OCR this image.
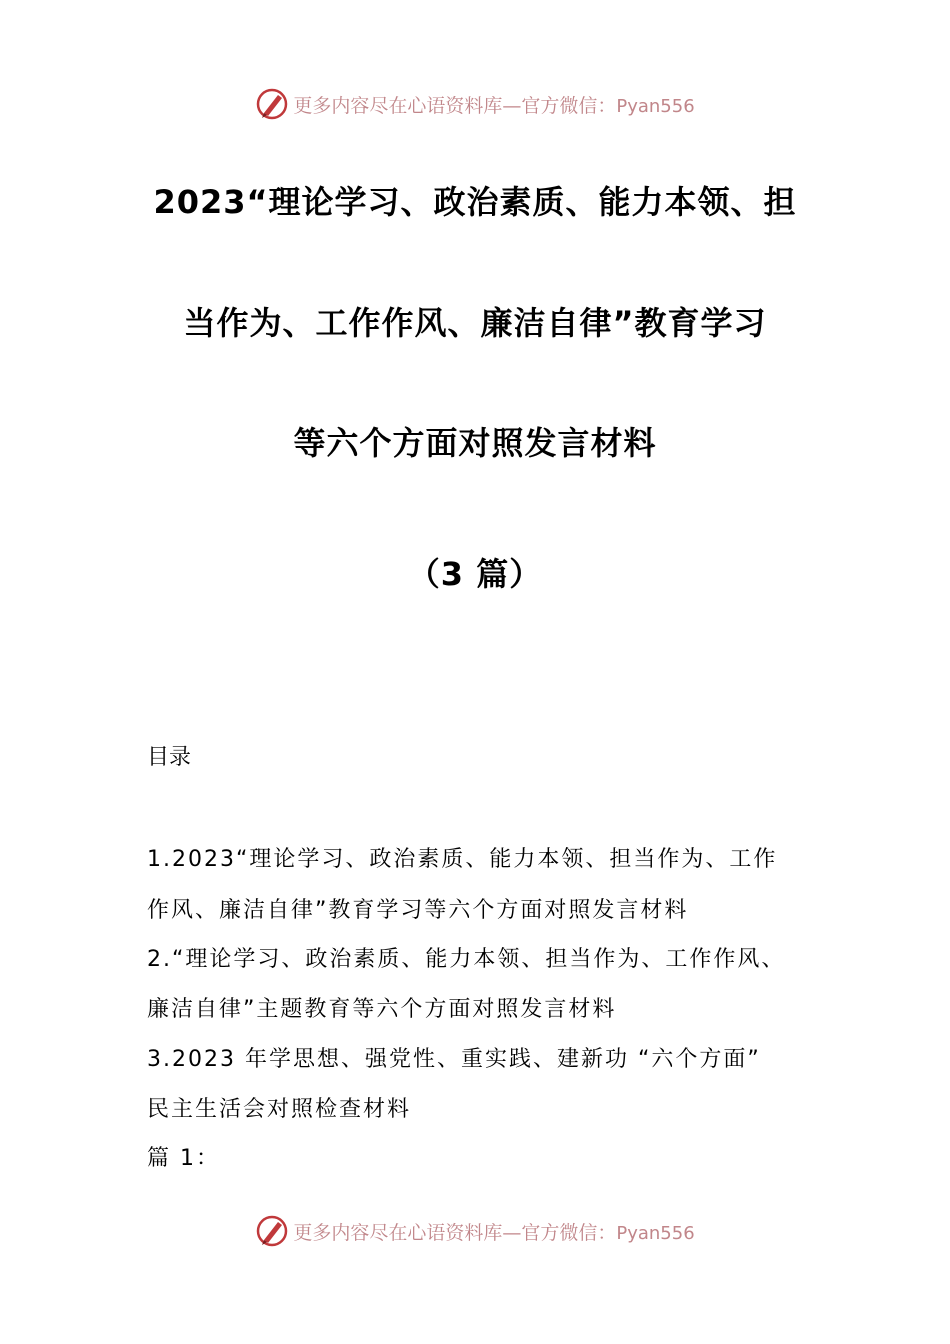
更多内容尽在心语资料库—官方微信：Pyan556
2023“理论学习、政治素质、能力本领、担
当作为、工作作风、廉洁自律”教育学习
等六个方面对照发言材料
（3 篇）
目录
1.2023“理论学习、政治素质、能力本领、担当作为、工作
作风、廉洁自律”教育学习等六个方面对照发言材料
2.“理论学习、政治素质、能力本领、担当作为、工作作风、
廉洁自律”主题教育等六个方面对照发言材料
3.2023 年学思想、强党性、重实践、建新功 “六个方面”
民主生活会对照检查材料
篇 1：
更多内容尽在心语资料库—官方微信：Pyan556
